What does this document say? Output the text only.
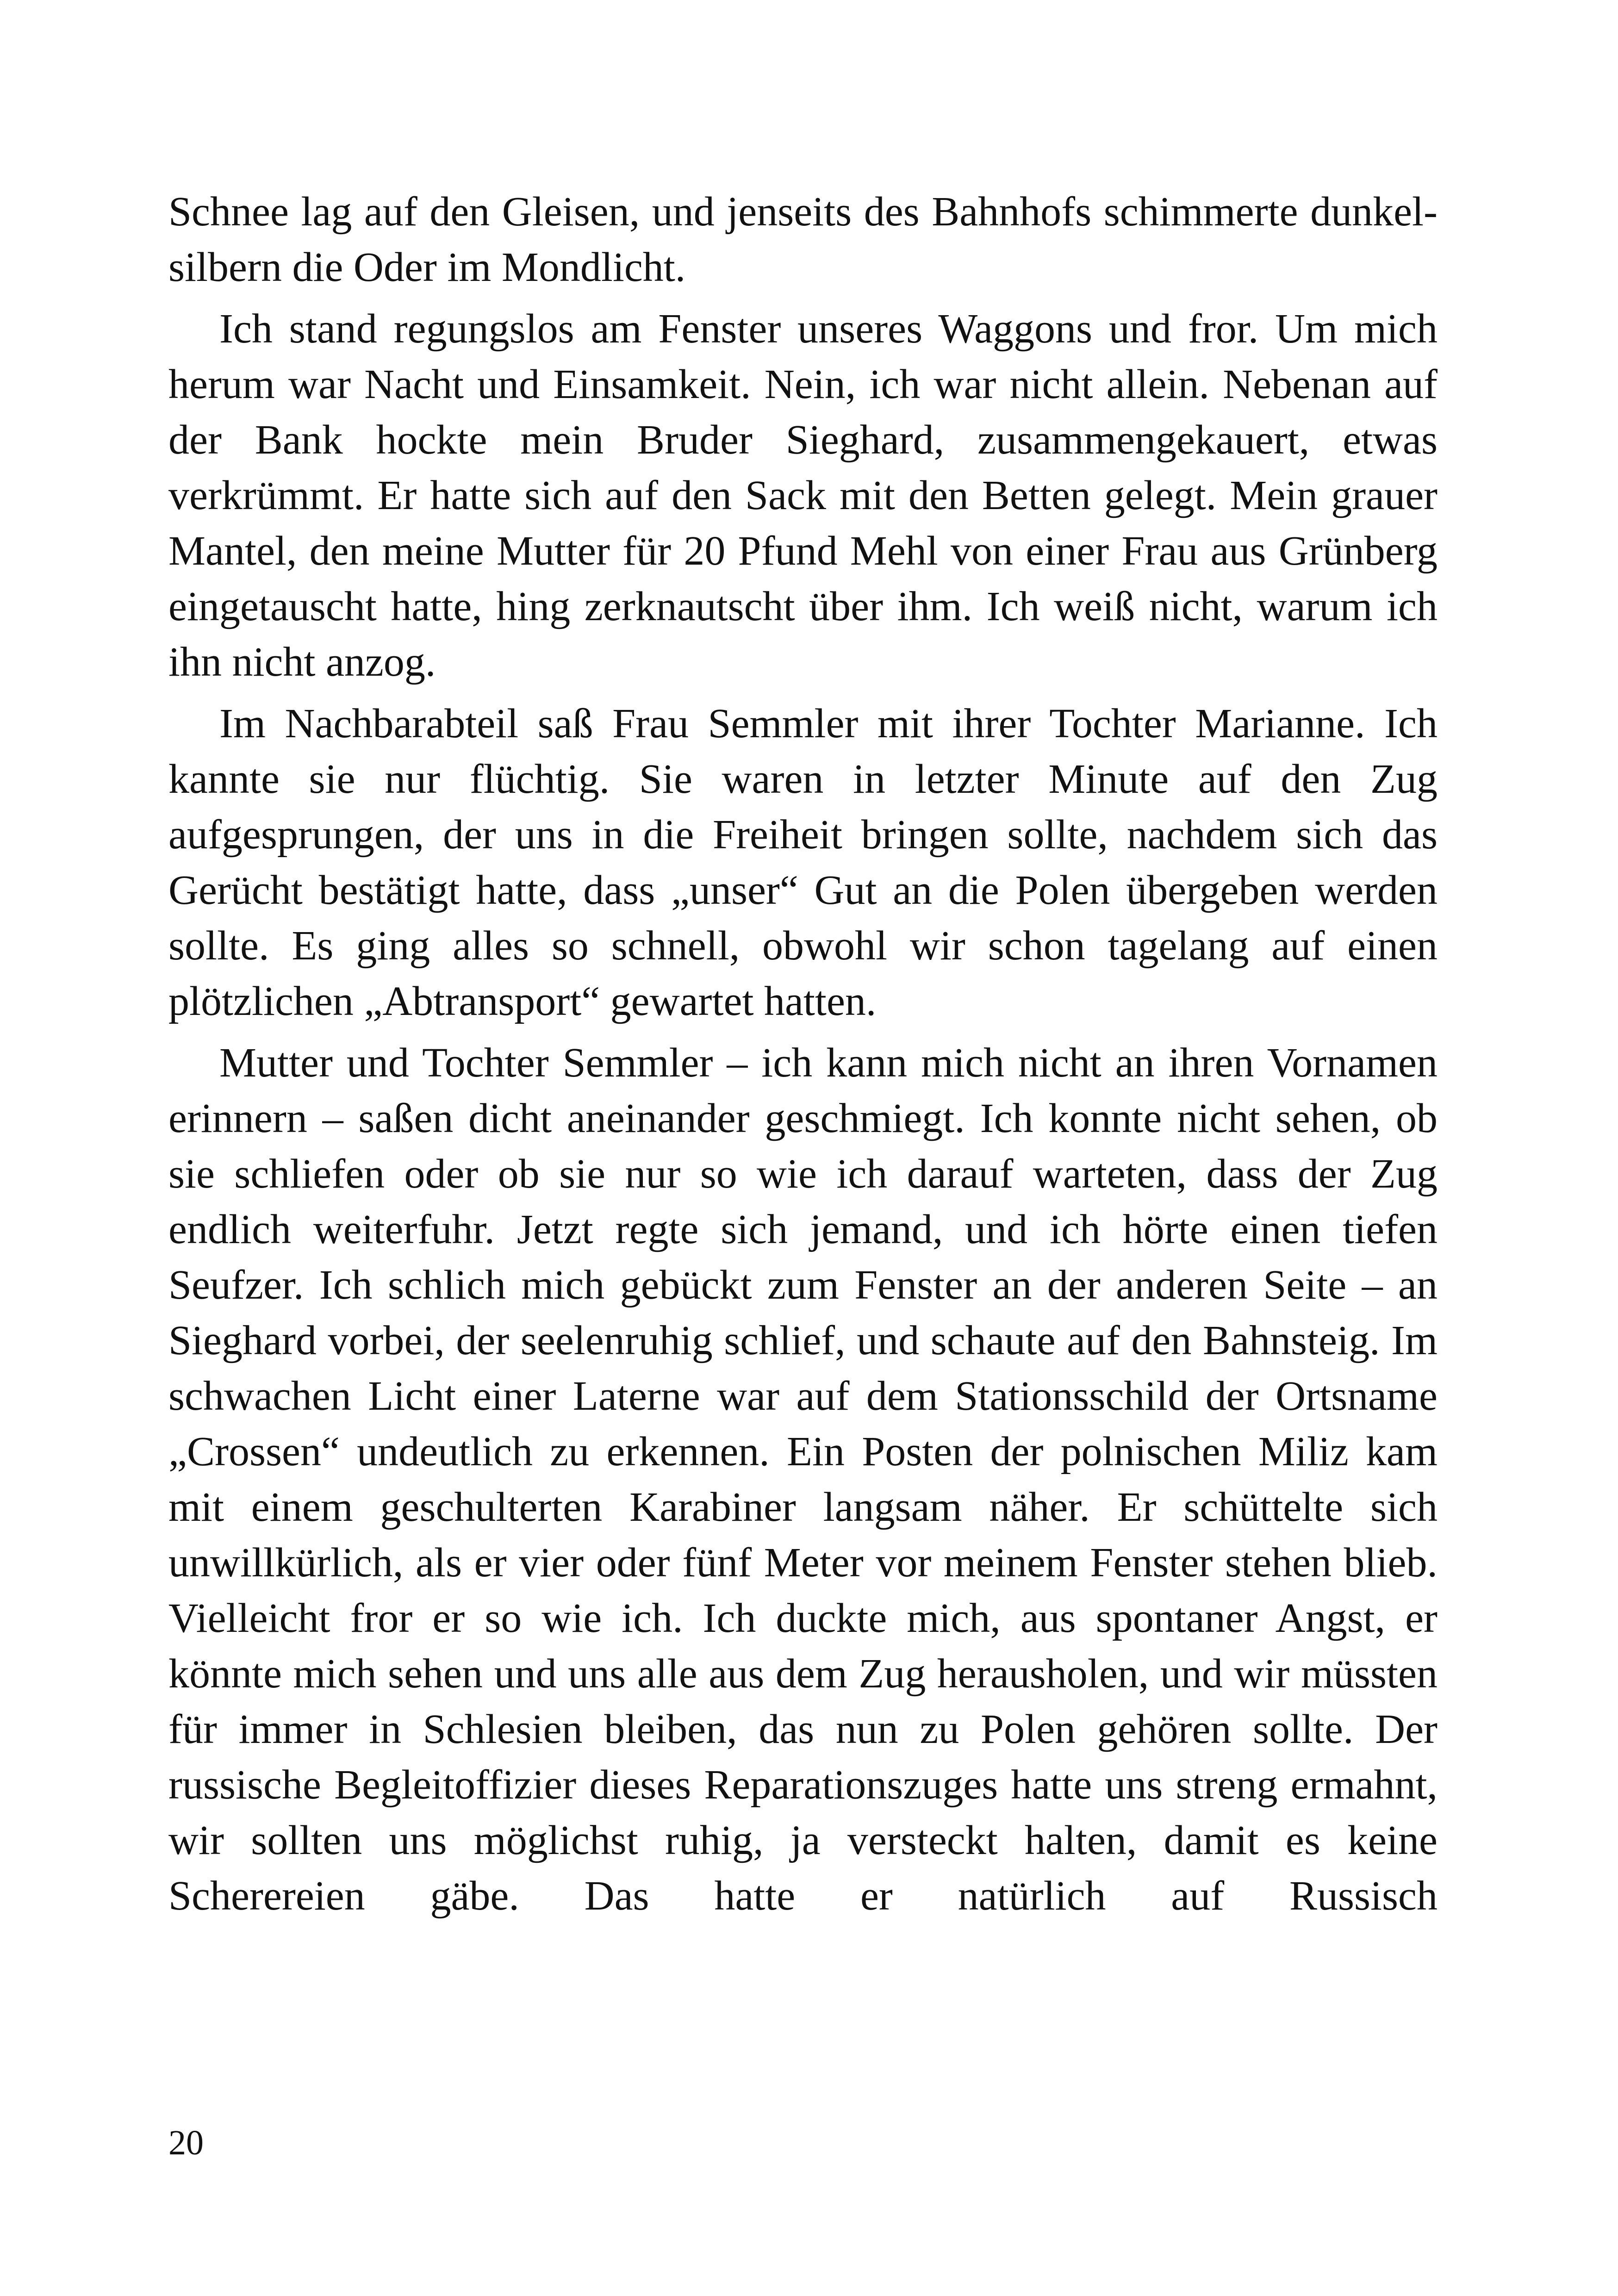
Schnee lag auf den Gleisen, und jenseits des Bahnhofs schimmerte dunkel-silbern die Oder im Mondlicht.

Ich stand regungslos am Fenster unseres Waggons und fror. Um mich herum war Nacht und Einsamkeit. Nein, ich war nicht allein. Nebenan auf der Bank hockte mein Bruder Sieghard, zusammengekauert, etwas verkrümmt. Er hatte sich auf den Sack mit den Betten gelegt. Mein grauer Mantel, den meine Mutter für 20 Pfund Mehl von einer Frau aus Grünberg eingetauscht hatte, hing zerknautscht über ihm. Ich weiß nicht, warum ich ihn nicht anzog.

Im Nachbarabteil saß Frau Semmler mit ihrer Tochter Marianne. Ich kannte sie nur flüchtig. Sie waren in letzter Minute auf den Zug aufgesprungen, der uns in die Freiheit bringen sollte, nachdem sich das Gerücht bestätigt hatte, dass „unser“ Gut an die Polen übergeben werden sollte. Es ging alles so schnell, obwohl wir schon tagelang auf einen plötzlichen „Abtransport“ gewartet hatten.

Mutter und Tochter Semmler – ich kann mich nicht an ihren Vornamen erinnern – saßen dicht aneinander geschmiegt. Ich konnte nicht sehen, ob sie schliefen oder ob sie nur so wie ich darauf warteten, dass der Zug endlich weiterfuhr. Jetzt regte sich jemand, und ich hörte einen tiefen Seufzer. Ich schlich mich gebückt zum Fenster an der anderen Seite – an Sieghard vorbei, der seelenruhig schlief, und schaute auf den Bahnsteig. Im schwachen Licht einer Laterne war auf dem Stationsschild der Ortsname „Crossen“ undeutlich zu erkennen. Ein Posten der polnischen Miliz kam mit einem geschulterten Karabiner langsam näher. Er schüttelte sich unwillkürlich, als er vier oder fünf Meter vor meinem Fenster stehen blieb. Vielleicht fror er so wie ich. Ich duckte mich, aus spontaner Angst, er könnte mich sehen und uns alle aus dem Zug herausholen, und wir müssten für immer in Schlesien bleiben, das nun zu Polen gehören sollte. Der russische Begleitoffizier dieses Reparationszuges hatte uns streng ermahnt, wir sollten uns möglichst ruhig, ja versteckt halten, damit es keine Scherereien gäbe. Das hatte er natürlich auf Russisch

20
